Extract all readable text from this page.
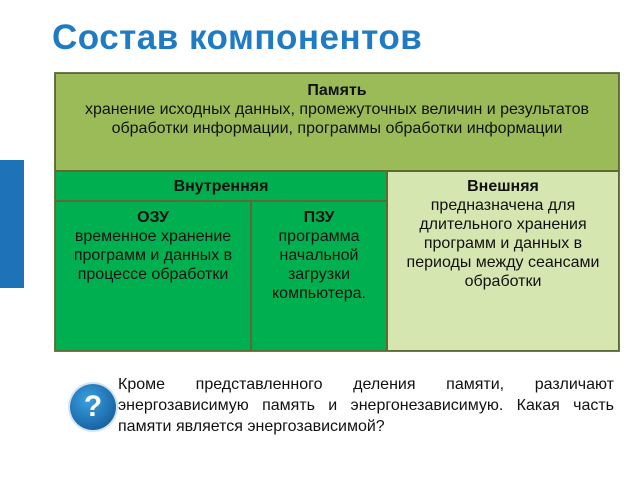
Состав компонентов
Память
хранение исходных данных, промежуточных величин и результатов обработки информации, программы обработки информации
Внутренняя	Внешняя
предназначена для длительного хранения программ и данных в периоды между сеансами обработки
ОЗУ
временное хранение программ и данных в процессе обработки
ПЗУ
программа начальной загрузки компьютера.
?
Кроме представленного деления памяти, различают энергозависимую память и энергонезависимую. Какая часть памяти является энергозависимой?
